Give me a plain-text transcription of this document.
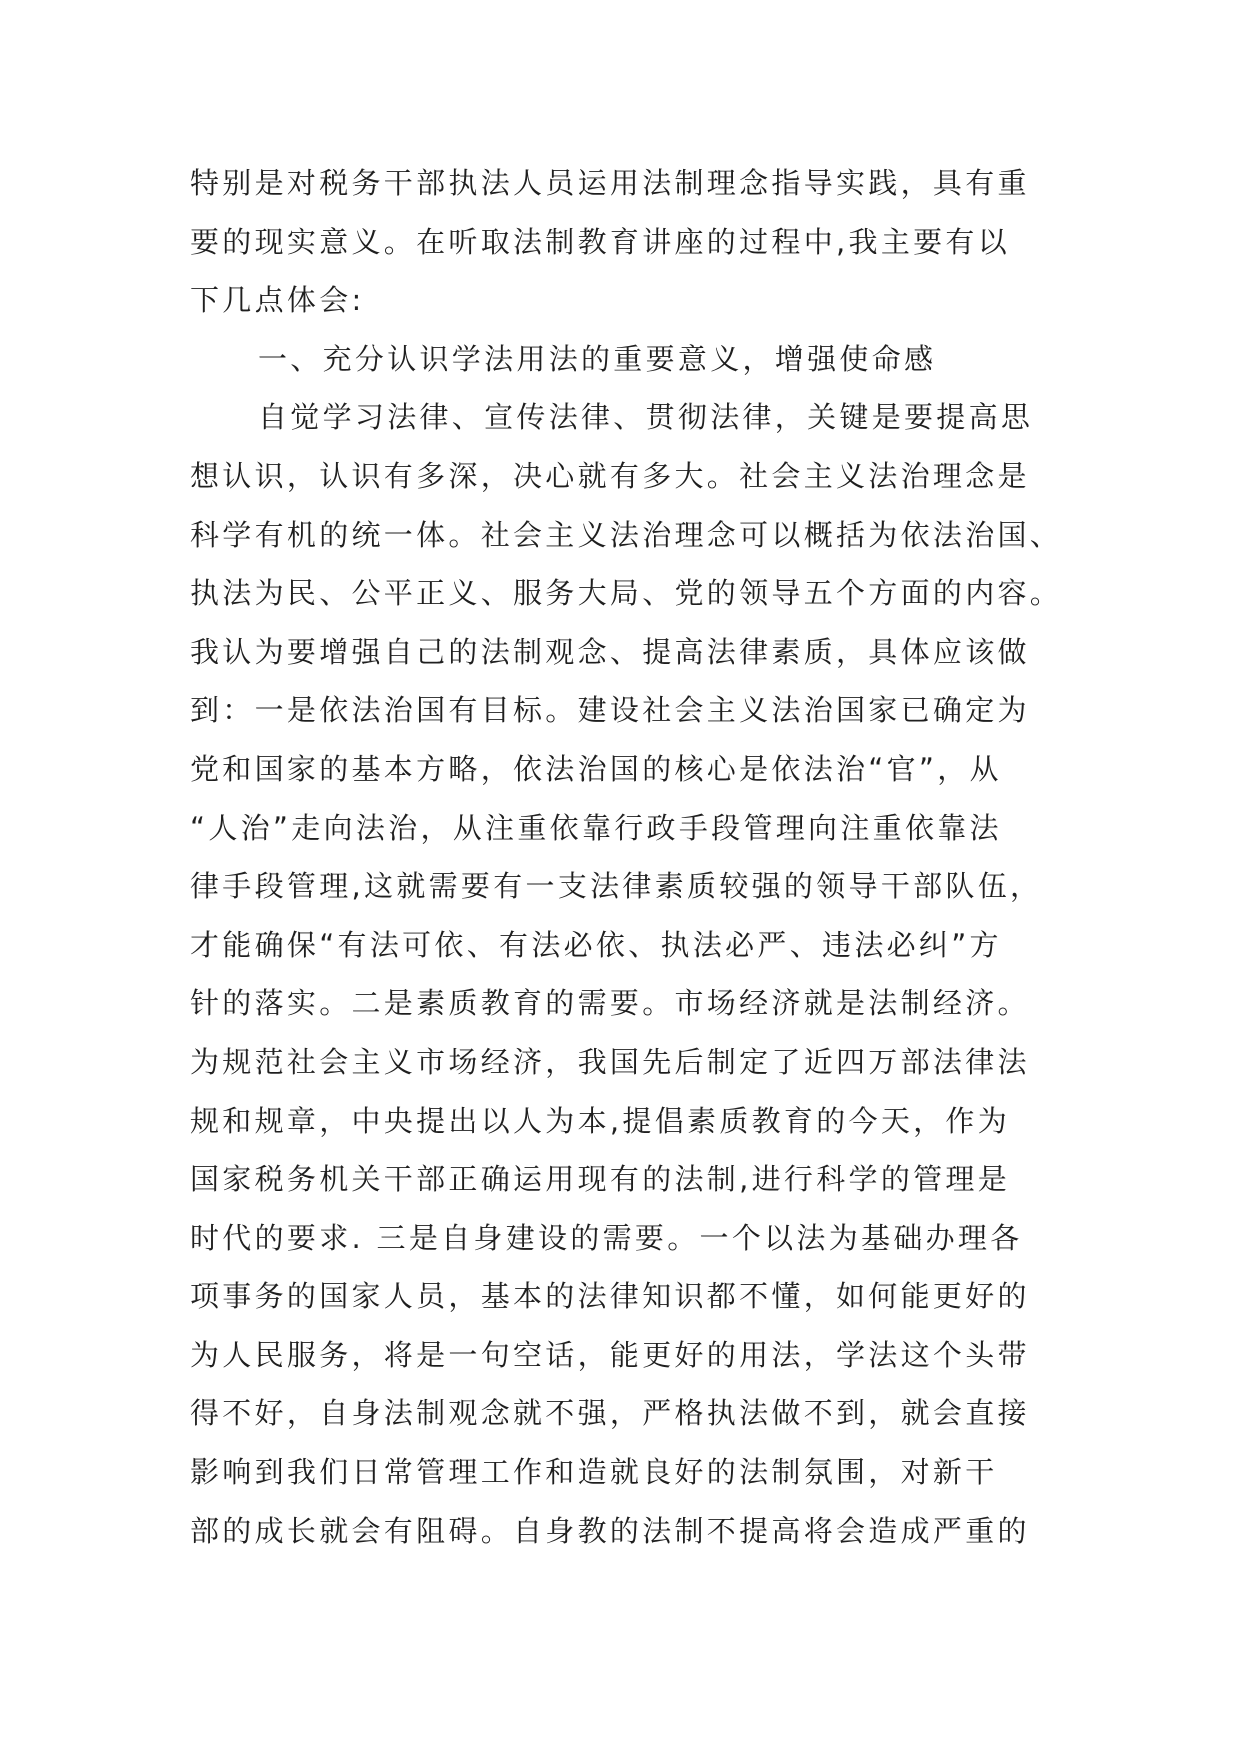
特别是对税务干部执法人员运用法制理念指导实践，具有重
要的现实意义。在听取法制教育讲座的过程中,我主要有以
下几点体会:
一、充分认识学法用法的重要意义，增强使命感
自觉学习法律、宣传法律、贯彻法律，关键是要提高思
想认识，认识有多深，决心就有多大。社会主义法治理念是
科学有机的统一体。社会主义法治理念可以概括为依法治国、
执法为民、公平正义、服务大局、党的领导五个方面的内容。
我认为要增强自己的法制观念、提高法律素质，具体应该做
到：一是依法治国有目标。建设社会主义法治国家已确定为
党和国家的基本方略，依法治国的核心是依法治“官”，从
“人治”走向法治，从注重依靠行政手段管理向注重依靠法
律手段管理,这就需要有一支法律素质较强的领导干部队伍，
才能确保“有法可依、有法必依、执法必严、违法必纠”方
针的落实。二是素质教育的需要。市场经济就是法制经济。
为规范社会主义市场经济，我国先后制定了近四万部法律法
规和规章，中央提出以人为本,提倡素质教育的今天，作为
国家税务机关干部正确运用现有的法制,进行科学的管理是
时代的要求. 三是自身建设的需要。一个以法为基础办理各
项事务的国家人员，基本的法律知识都不懂，如何能更好的
为人民服务，将是一句空话，能更好的用法，学法这个头带
得不好，自身法制观念就不强，严格执法做不到，就会直接
影响到我们日常管理工作和造就良好的法制氛围，对新干
部的成长就会有阻碍。自身教的法制不提高将会造成严重的
